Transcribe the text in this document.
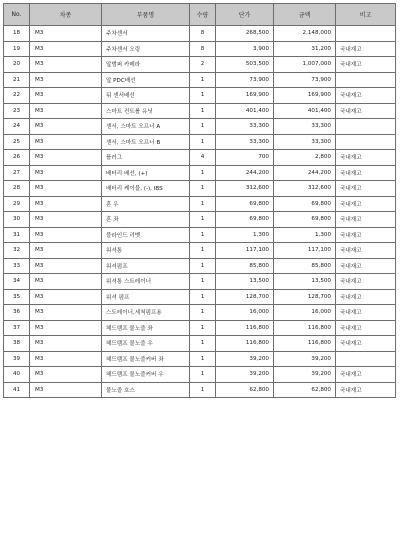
No.	차종	부품명	수량	단가	금액	비고
18	M3	주차센서	8	268,500	2,148,000	
19	M3	주차센서 오링	8	3,900	31,200	국내재고
20	M3	앞범퍼 카메라	2	503,500	1,007,000	국내재고
21	M3	앞 PDC배선	1	73,900	73,900	
22	M3	뒤 센서배선	1	169,900	169,900	국내재고
23	M3	스마트 컨트롤 유닛	1	401,400	401,400	국내재고
24	M3	센서, 스마트 오프너 A	1	33,300	33,300	
25	M3	센서, 스마트 오프너 B	1	33,300	33,300	
26	M3	플러그	4	700	2,800	국내재고
27	M3	배터리 배선, (+)	1	244,200	244,200	국내재고
28	M3	배터리 케이블, (-), IBS	1	312,600	312,600	국내재고
29	M3	혼 우	1	69,800	69,800	국내재고
30	M3	혼 좌	1	69,800	69,800	국내재고
31	M3	블라인드 리벳	1	1,300	1,300	국내재고
32	M3	워셔통	1	117,100	117,100	국내재고
33	M3	워셔펌프	1	85,800	85,800	국내재고
34	M3	워셔통 스트레이너	1	13,500	13,500	국내재고
35	M3	워셔 펌프	1	128,700	128,700	국내재고
36	M3	스트레이너,세척펌프용	1	16,000	16,000	국내재고
37	M3	헤드램프 물노즐 좌	1	116,800	116,800	국내재고
38	M3	헤드램프 물노즐 우	1	116,800	116,800	국내재고
39	M3	헤드램프 물노즐커버 좌	1	39,200	39,200	
40	M3	헤드램프 물노즐커버 우	1	39,200	39,200	국내재고
41	M3	물노즐 호스	1	62,800	62,800	국내재고
